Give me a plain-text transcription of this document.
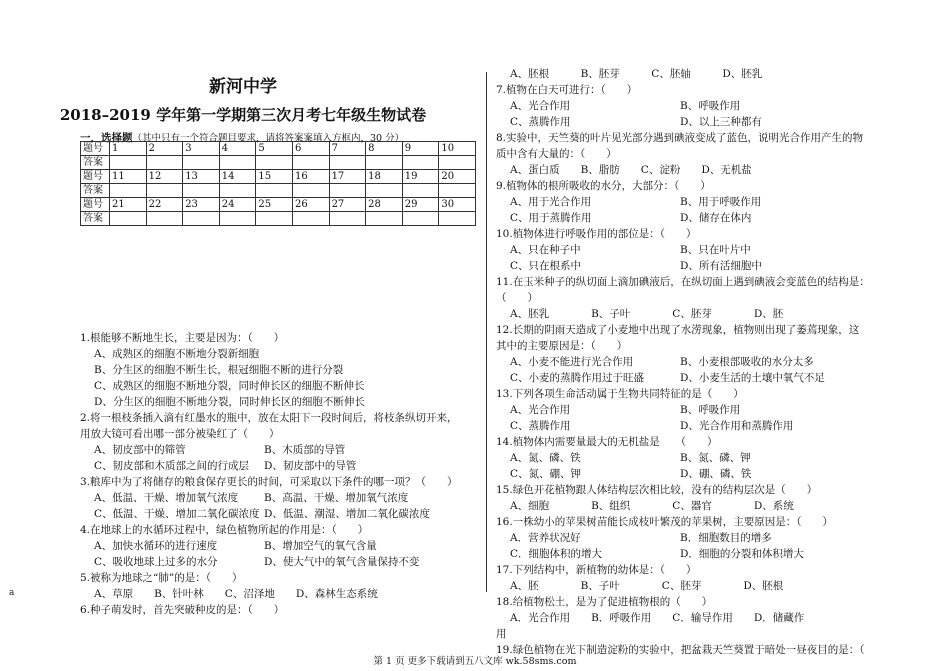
a
新河中学
2018–2019 学年第一学期第三次月考七年级生物试卷
一．选择题（其中只有一个符合题目要求，请将答案案填入方框内，30 分）
题号	1	2	3	4	5	6	7	8	9	10
答案										
题号	11	12	13	14	15	16	17	18	19	20
答案										
题号	21	22	23	24	25	26	27	28	29	30
答案										
1.根能够不断地生长，主要是因为：（　　）
A、成熟区的细胞不断地分裂新细胞
B、分生区的细胞不断生长，根冠细胞不断的进行分裂
C、成熟区的细胞不断地分裂，同时伸长区的细胞不断伸长
D、分生区的细胞不断地分裂，同时伸长区的细胞不断伸长
2.将一根枝条插入滴有红墨水的瓶中，放在太阳下一段时间后，将枝条纵切开来，
用放大镜可看出哪一部分被染红了（　　）
A、韧皮部中的筛管	B、木质部的导管
C、韧皮部和木质部之间的行成层 D、韧皮部中的导管
3.粮库中为了将储存的粮食保存更长的时间，可采取以下条件的哪一项？（　　）
A、低温、干燥、增加氧气浓度 B、高温、干燥、增加氧气浓度
C、低温、干燥、增加二氧化碳浓度 D、低温、潮湿、增加二氧化碳浓度
4.在地球上的水循环过程中，绿色植物所起的作用是：（　　）
A、加快水循环的进行速度	B、增加空气的氧气含量
C、吸收地球上过多的水分	D、使大气中的氧气含量保持不变
5.被称为地球之“肺”的是：（　　）
A、草原　　B、针叶林　　C、沼泽地　　D、森林生态系统
6.种子萌发时，首先突破种皮的是：（　　）
A、胚根　　　B、胚芽　　　C、胚轴　　　D、胚乳
7.植物在白天可进行：（　　）
A、光合作用	B、呼吸作用
C、蒸腾作用	D、以上三种都有
8.实验中，天竺葵的叶片见光部分遇到碘液变成了蓝色，说明光合作用产生的物
质中含有大量的：（　　）
A、蛋白质　　B、脂肪　　C、淀粉　　D、无机盐
9.植物体的根所吸收的水分，大部分：（　　）
A、用于光合作用	B、用于呼吸作用
C、用于蒸腾作用	D、储存在体内
10.植物体进行呼吸作用的部位是：（　　）
A、只在种子中	B、只在叶片中
C、只在根系中	D、所有活细胞中
11.在玉米种子的纵切面上滴加碘液后，在纵切面上遇到碘液会变蓝色的结构是：
（　　）
A、胚乳　　　　B、子叶　　　　C、胚芽　　　　D、胚
12.长期的阴雨天造成了小麦地中出现了水涝现象，植物则出现了萎蔫现象，这
其中的主要原因是：（　　）
A、小麦不能进行光合作用	B、小麦根部吸收的水分太多
C、小麦的蒸腾作用过于旺盛	D、小麦生活的土壤中氧气不足
13.下列各项生命活动属于生物共同特征的是（　　）
A、光合作用	B、呼吸作用
C、蒸腾作用	D、光合作用和蒸腾作用
14.植物体内需要量最大的无机盐是　　（　　）
A、氮、磷、铁	B、氮、磷、钾
C、氮、硼、钾	D、硼、磷、铁
15.绿色开花植物跟人体结构层次相比较，没有的结构层次是（　　）
A、细胞　　　　B、组织　　　　C、器官　　　　D、系统
16.一株幼小的苹果树苗能长成枝叶繁茂的苹果树，主要原因是：（　　）
A．营养状况好	B．细胞数目的增多
C．细胞体积的增大	D．细胞的分裂和体积增大
17.下列结构中，新植物的幼体是：（　　）
A、胚　　　　B、子叶　　　　C、胚芽　　　　D、胚根
18.给植物松土，是为了促进植物根的（　　）
A．光合作用　　B．呼吸作用　　C．输导作用　　D．储藏作
用
19.绿色植物在光下制造淀粉的实验中，把盆栽天竺葵置于暗处一昼夜目的是：（
第 1 页 更多下载请到五八文库 wk.58sms.com
